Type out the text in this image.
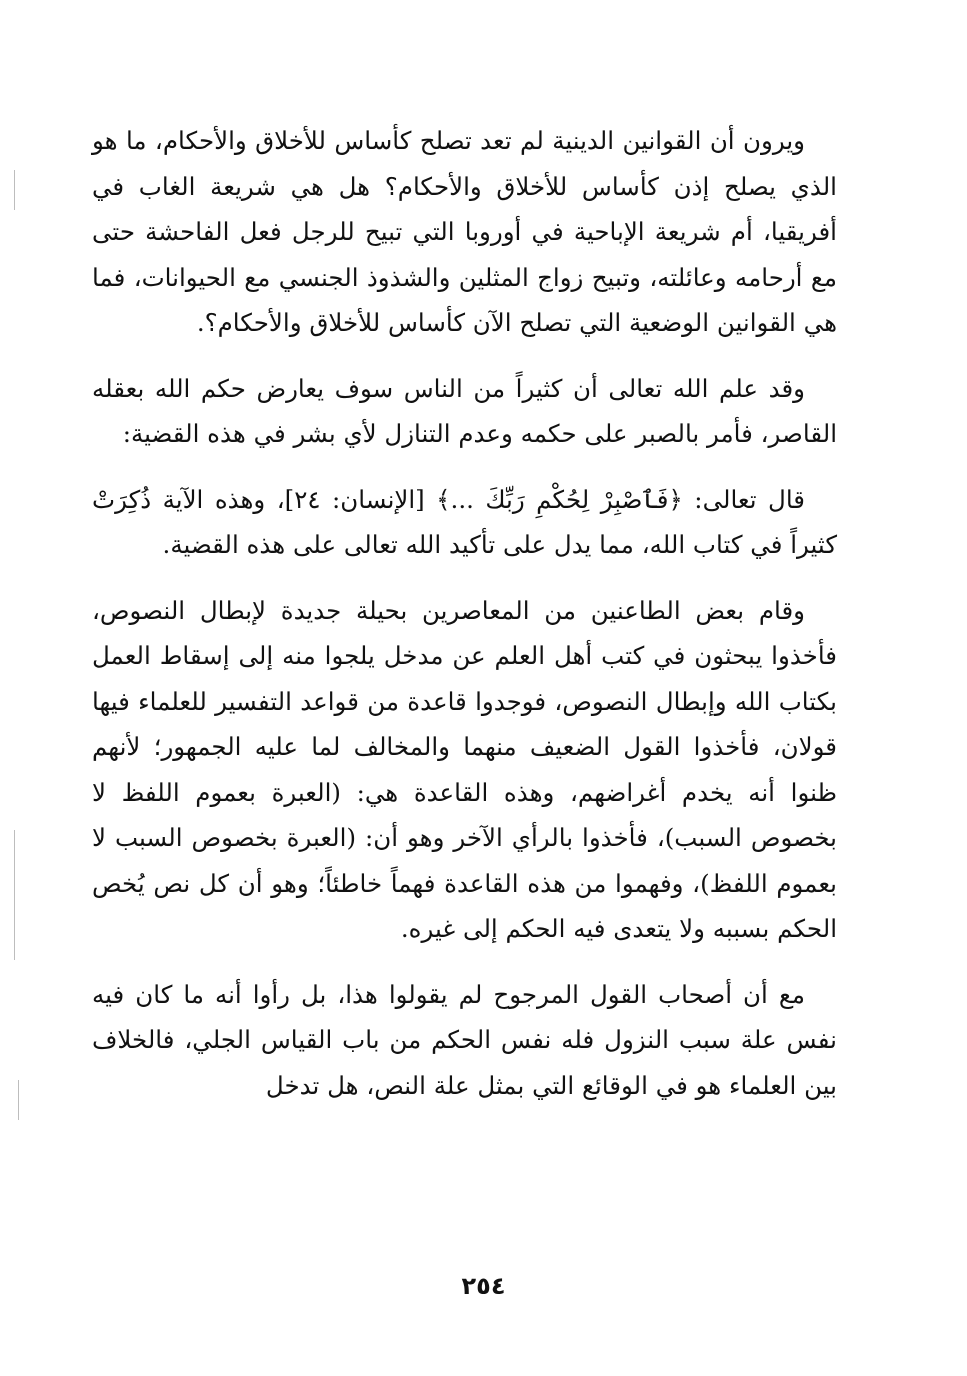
ويرون أن القوانين الدينية لم تعد تصلح كأساس للأخلاق والأحكام، ما هو الذي يصلح إذن كأساس للأخلاق والأحكام؟ هل هي شريعة الغاب في أفريقيا، أم شريعة الإباحية في أوروبا التي تبيح للرجل فعل الفاحشة حتى مع أرحامه وعائلته، وتبيح زواج المثلين والشذوذ الجنسي مع الحيوانات، فما هي القوانين الوضعية التي تصلح الآن كأساس للأخلاق والأحكام؟.

وقد علم الله تعالى أن كثيراً من الناس سوف يعارض حكم الله بعقله القاصر، فأمر بالصبر على حكمه وعدم التنازل لأي بشر في هذه القضية:

قال تعالى: ﴿فَٱصْبِرْ لِحُكْمِ رَبِّكَ ...﴾ [الإنسان: ٢٤]، وهذه الآية ذُكِرَتْ كثيراً في كتاب الله، مما يدل على تأكيد الله تعالى على هذه القضية.

وقام بعض الطاعنين من المعاصرين بحيلة جديدة لإبطال النصوص، فأخذوا يبحثون في كتب أهل العلم عن مدخل يلجوا منه إلى إسقاط العمل بكتاب الله وإبطال النصوص، فوجدوا قاعدة من قواعد التفسير للعلماء فيها قولان، فأخذوا القول الضعيف منهما والمخالف لما عليه الجمهور؛ لأنهم ظنوا أنه يخدم أغراضهم، وهذه القاعدة هي: (العبرة بعموم اللفظ لا بخصوص السبب)، فأخذوا بالرأي الآخر وهو أن: (العبرة بخصوص السبب لا بعموم اللفظ)، وفهموا من هذه القاعدة فهماً خاطئاً؛ وهو أن كل نص يُخص الحكم بسببه ولا يتعدى فيه الحكم إلى غيره.

مع أن أصحاب القول المرجوح لم يقولوا هذا، بل رأوا أنه ما كان فيه نفس علة سبب النزول فله نفس الحكم من باب القياس الجلي، فالخلاف بين العلماء هو في الوقائع التي بمثل علة النص، هل تدخل

٢٥٤
